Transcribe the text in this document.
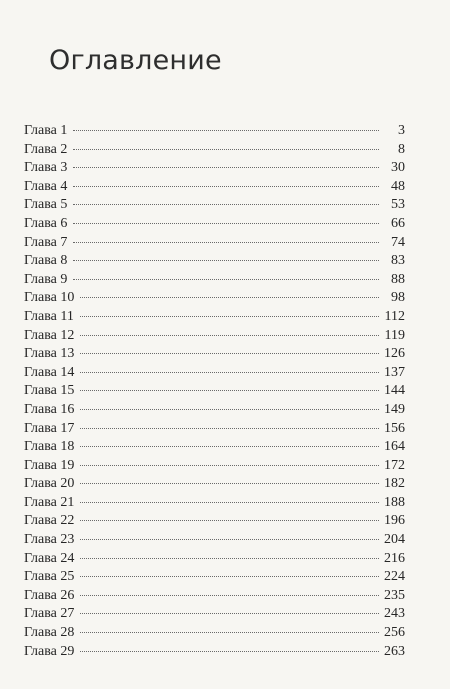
Оглавление
Глава 1	3
Глава 2	8
Глава 3	30
Глава 4	48
Глава 5	53
Глава 6	66
Глава 7	74
Глава 8	83
Глава 9	88
Глава 10	98
Глава 11	112
Глава 12	119
Глава 13	126
Глава 14	137
Глава 15	144
Глава 16	149
Глава 17	156
Глава 18	164
Глава 19	172
Глава 20	182
Глава 21	188
Глава 22	196
Глава 23	204
Глава 24	216
Глава 25	224
Глава 26	235
Глава 27	243
Глава 28	256
Глава 29	263
